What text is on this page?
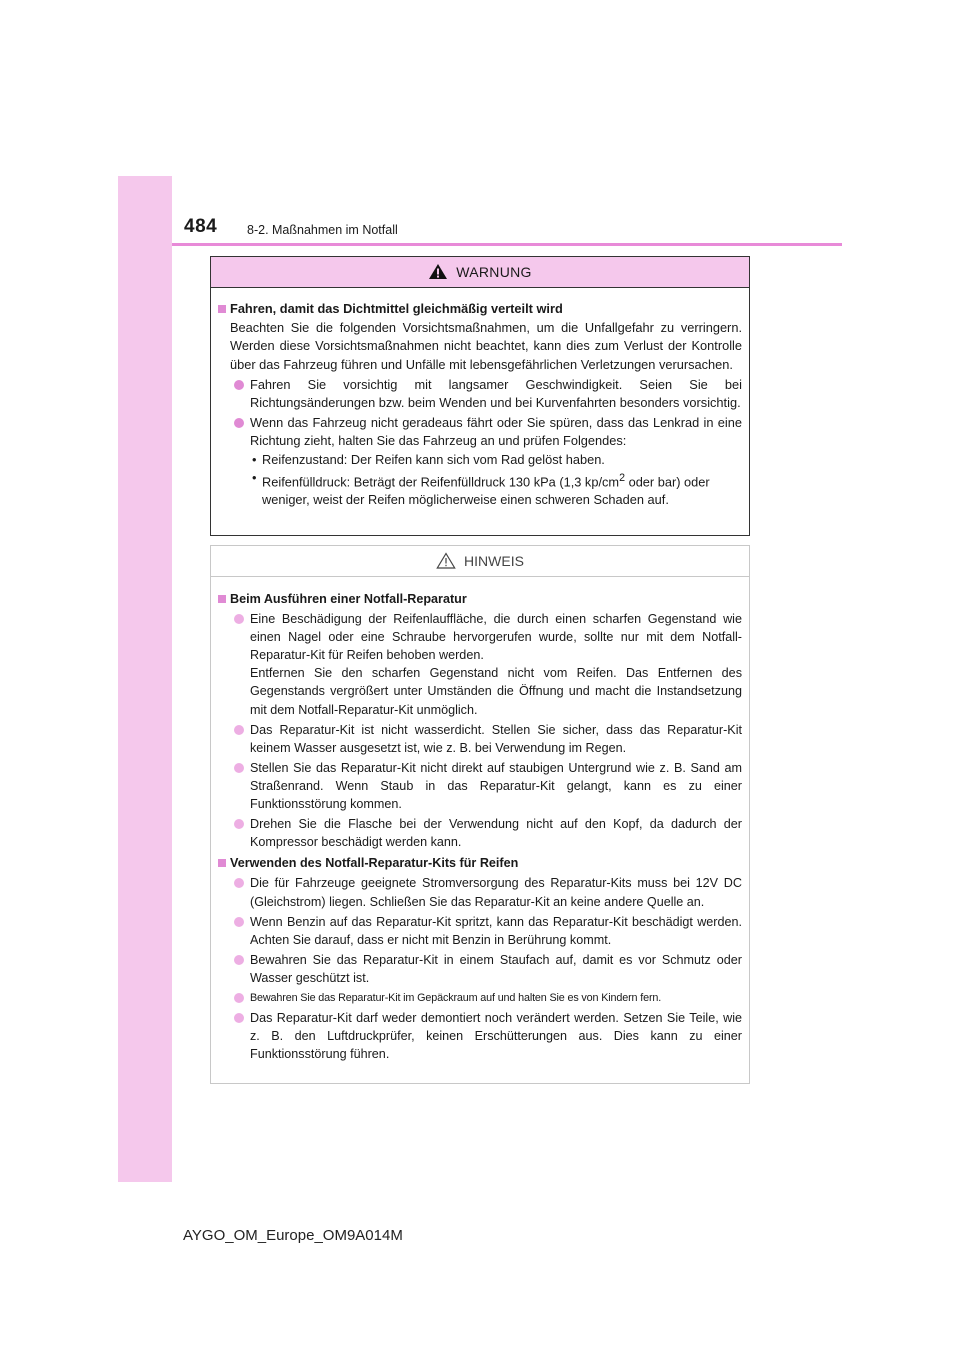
484 8-2. Maßnahmen im Notfall
WARNUNG
Fahren, damit das Dichtmittel gleichmäßig verteilt wird
Beachten Sie die folgenden Vorsichtsmaßnahmen, um die Unfallgefahr zu verringern. Werden diese Vorsichtsmaßnahmen nicht beachtet, kann dies zum Verlust der Kontrolle über das Fahrzeug führen und Unfälle mit lebensgefährlichen Verletzungen verursachen.
Fahren Sie vorsichtig mit langsamer Geschwindigkeit. Seien Sie bei Richtungsänderungen bzw. beim Wenden und bei Kurvenfahrten besonders vorsichtig.
Wenn das Fahrzeug nicht geradeaus fährt oder Sie spüren, dass das Lenkrad in eine Richtung zieht, halten Sie das Fahrzeug an und prüfen Folgendes:
• Reifenzustand: Der Reifen kann sich vom Rad gelöst haben.
• Reifenfülldruck: Beträgt der Reifenfülldruck 130 kPa (1,3 $kp/cm^2$ oder bar) oder weniger, weist der Reifen möglicherweise einen schweren Schaden auf.
HINWEIS
Beim Ausführen einer Notfall-Reparatur
Eine Beschädigung der Reifenlauffläche, die durch einen scharfen Gegenstand wie einen Nagel oder eine Schraube hervorgerufen wurde, sollte nur mit dem Notfall-Reparatur-Kit für Reifen behoben werden.
Entfernen Sie den scharfen Gegenstand nicht vom Reifen. Das Entfernen des Gegenstands vergrößert unter Umständen die Öffnung und macht die Instandsetzung mit dem Notfall-Reparatur-Kit unmöglich.
Das Reparatur-Kit ist nicht wasserdicht. Stellen Sie sicher, dass das Reparatur-Kit keinem Wasser ausgesetzt ist, wie z. B. bei Verwendung im Regen.
Stellen Sie das Reparatur-Kit nicht direkt auf staubigen Untergrund wie z. B. Sand am Straßenrand. Wenn Staub in das Reparatur-Kit gelangt, kann es zu einer Funktionsstörung kommen.
Drehen Sie die Flasche bei der Verwendung nicht auf den Kopf, da dadurch der Kompressor beschädigt werden kann.
Verwenden des Notfall-Reparatur-Kits für Reifen
Die für Fahrzeuge geeignete Stromversorgung des Reparatur-Kits muss bei 12V DC (Gleichstrom) liegen. Schließen Sie das Reparatur-Kit an keine andere Quelle an.
Wenn Benzin auf das Reparatur-Kit spritzt, kann das Reparatur-Kit beschädigt werden. Achten Sie darauf, dass er nicht mit Benzin in Berührung kommt.
Bewahren Sie das Reparatur-Kit in einem Staufach auf, damit es vor Schmutz oder Wasser geschützt ist.
Bewahren Sie das Reparatur-Kit im Gepäckraum auf und halten Sie es von Kindern fern.
Das Reparatur-Kit darf weder demontiert noch verändert werden. Setzen Sie Teile, wie z. B. den Luftdruckprüfer, keinen Erschütterungen aus. Dies kann zu einer Funktionsstörung führen.
AYGO_OM_Europe_OM9A014M
